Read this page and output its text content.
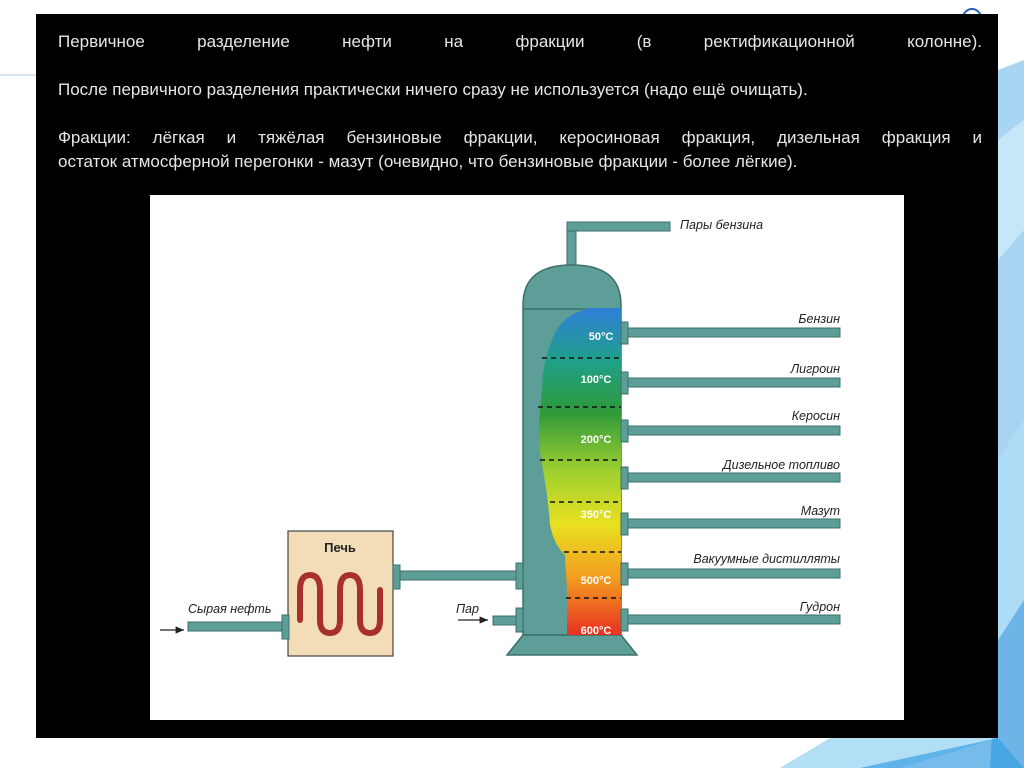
Первичное разделение нефти на фракции (в ректификационной колонне).
После первичного разделения практически ничего сразу не используется (надо ещё очищать).
Фракции: лёгкая и тяжёлая бензиновые фракции, керосиновая фракция, дизельная фракция и
остаток атмосферной перегонки - мазут (очевидно, что бензиновые фракции - более лёгкие).
50°C
100°C
200°C
350°C
500°C
600°C
Бензин
Лигроин
Керосин
Дизельное топливо
Мазут
Вакуумные дистилляты
Гудрон
Пары бензина
Печь
Сырая нефть	Пар
